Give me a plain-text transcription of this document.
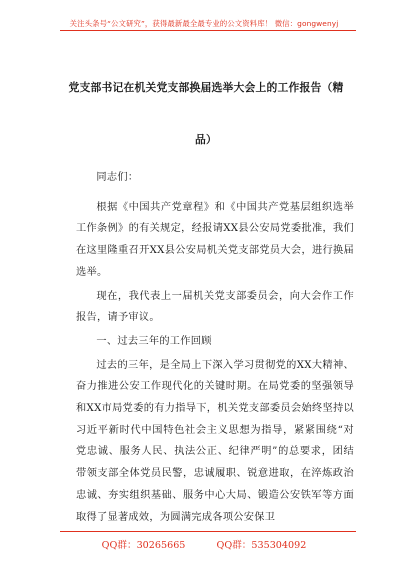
关注头条号“公文研究”，获得最新最全最专业的公文资料库！ 微信：gongwenyj
党支部书记在机关党支部换届选举大会上的工作报告（精
品）

同志们：

根据《中国共产党章程》和《中国共产党基层组织选举工作条例》的有关规定，经报请XX县公安局党委批准，我们在这里隆重召开XX县公安局机关党支部党员大会，进行换届选举。

现在，我代表上一届机关党支部委员会，向大会作工作报告，请予审议。

一、过去三年的工作回顾

过去的三年，是全局上下深入学习贯彻党的XX大精神、奋力推进公安工作现代化的关键时期。在局党委的坚强领导和XX市局党委的有力指导下，机关党支部委员会始终坚持以习近平新时代中国特色社会主义思想为指导，紧紧围绕“对党忠诚、服务人民、执法公正、纪律严明”的总要求，团结带领支部全体党员民警，忠诚履职、锐意进取，在淬炼政治忠诚、夯实组织基础、服务中心大局、锻造公安铁军等方面取得了显著成效，为圆满完成各项公安保卫

QQ群：30265665	QQ群：535304092
